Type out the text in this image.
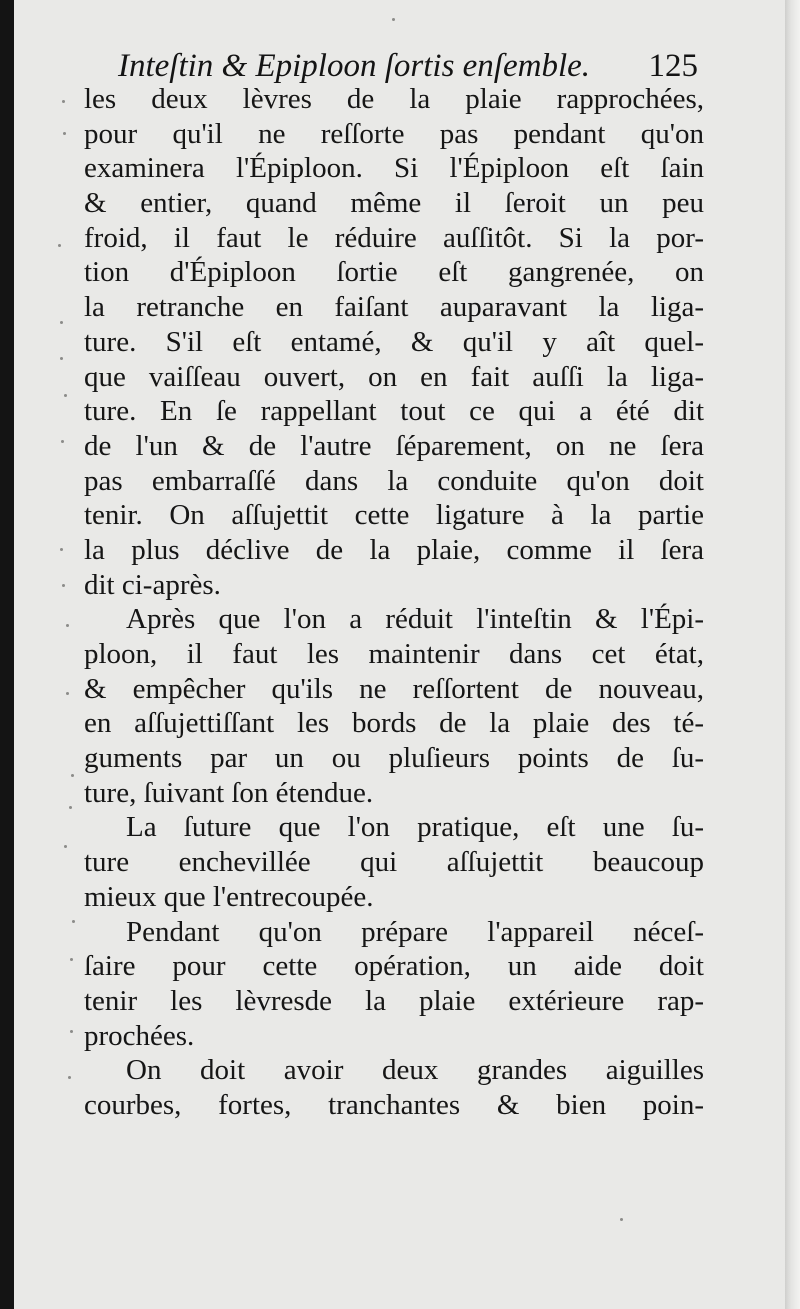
Inteſtin & Epiploon ſortis enſemble. 125
les deux lèvres de la plaie rapprochées,
pour qu'il ne reſſorte pas pendant qu'on
examinera l'Épiploon. Si l'Épiploon eſt ſain
& entier, quand même il ſeroit un peu
froid, il faut le réduire auſſitôt. Si la por-
tion d'Épiploon ſortie eſt gangrenée, on
la retranche en faiſant auparavant la liga-
ture. S'il eſt entamé, & qu'il y aît quel-
que vaiſſeau ouvert, on en fait auſſi la liga-
ture. En ſe rappellant tout ce qui a été dit
de l'un & de l'autre ſéparement, on ne ſera
pas embarraſſé dans la conduite qu'on doit
tenir. On aſſujettit cette ligature à la partie
la plus déclive de la plaie, comme il ſera
dit ci-après.
Après que l'on a réduit l'inteſtin & l'Épi-
ploon, il faut les maintenir dans cet état,
& empêcher qu'ils ne reſſortent de nouveau,
en aſſujettiſſant les bords de la plaie des té-
guments par un ou pluſieurs points de ſu-
ture, ſuivant ſon étendue.
La ſuture que l'on pratique, eſt une ſu-
ture enchevillée qui aſſujettit beaucoup
mieux que l'entrecoupée.
Pendant qu'on prépare l'appareil néceſ-
ſaire pour cette opération, un aide doit
tenir les lèvresde la plaie extérieure rap-
prochées.
On doit avoir deux grandes aiguilles
courbes, fortes, tranchantes & bien poin-
